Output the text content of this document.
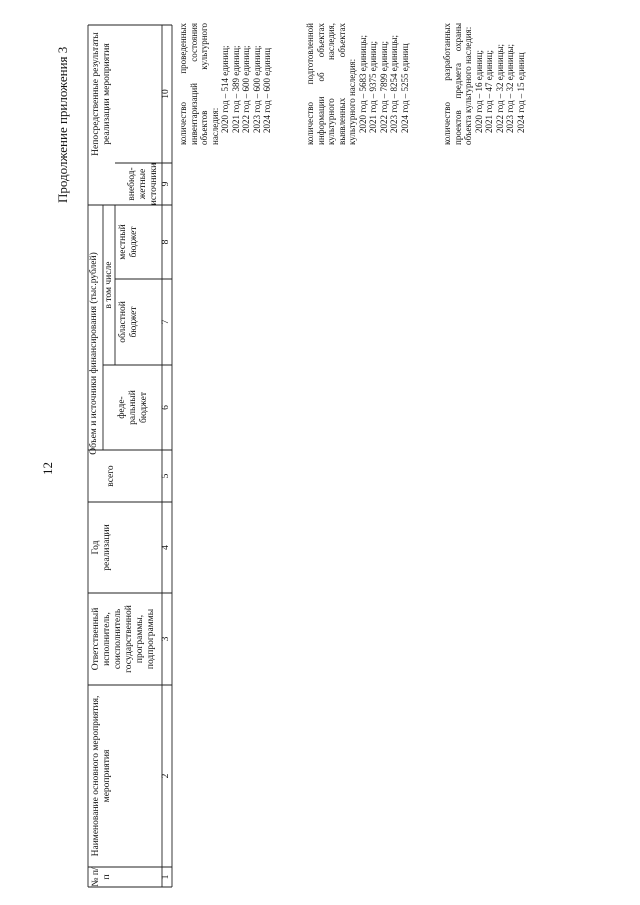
12
Продолжение приложения 3
№ п/п
Наименование основного мероприятия, мероприятия
Ответственный исполнитель, соисполнитель государственной программы, подпрограммы
Год реализации
всего
Объем и источники финансирования (тыс.рублей) в том числе
феде-ральный бюджет
областной бюджет
местный бюджет
внебюд-жетные источники
Непосредственные результаты реализации мероприятия
1
2
3
4
5
6
7
8
9
10 количество проведенных инвентаризаций состояния объектов культурного наследия: 2020 год – 514 единиц; 2021 год – 389 единиц; 2022 год – 600 единиц; 2023 год – 600 единиц; 2024 год – 600 единиц	количество подготовленной информации об объектах культурного наследия, выявленных объектах культурного наследия: 2020 год – 5683 единицы; 2021 год – 9375 единиц; 2022 год – 7899 единиц; 2023 год – 8254 единицы; 2024 год – 5255 единиц	количество разработанных проектов предмета охраны объекта культурного наследия: 2020 год – 16 единиц; 2021 год – 47 единиц; 2022 год – 32 единицы; 2023 год – 32 единицы; 2024 год – 15 единиц
